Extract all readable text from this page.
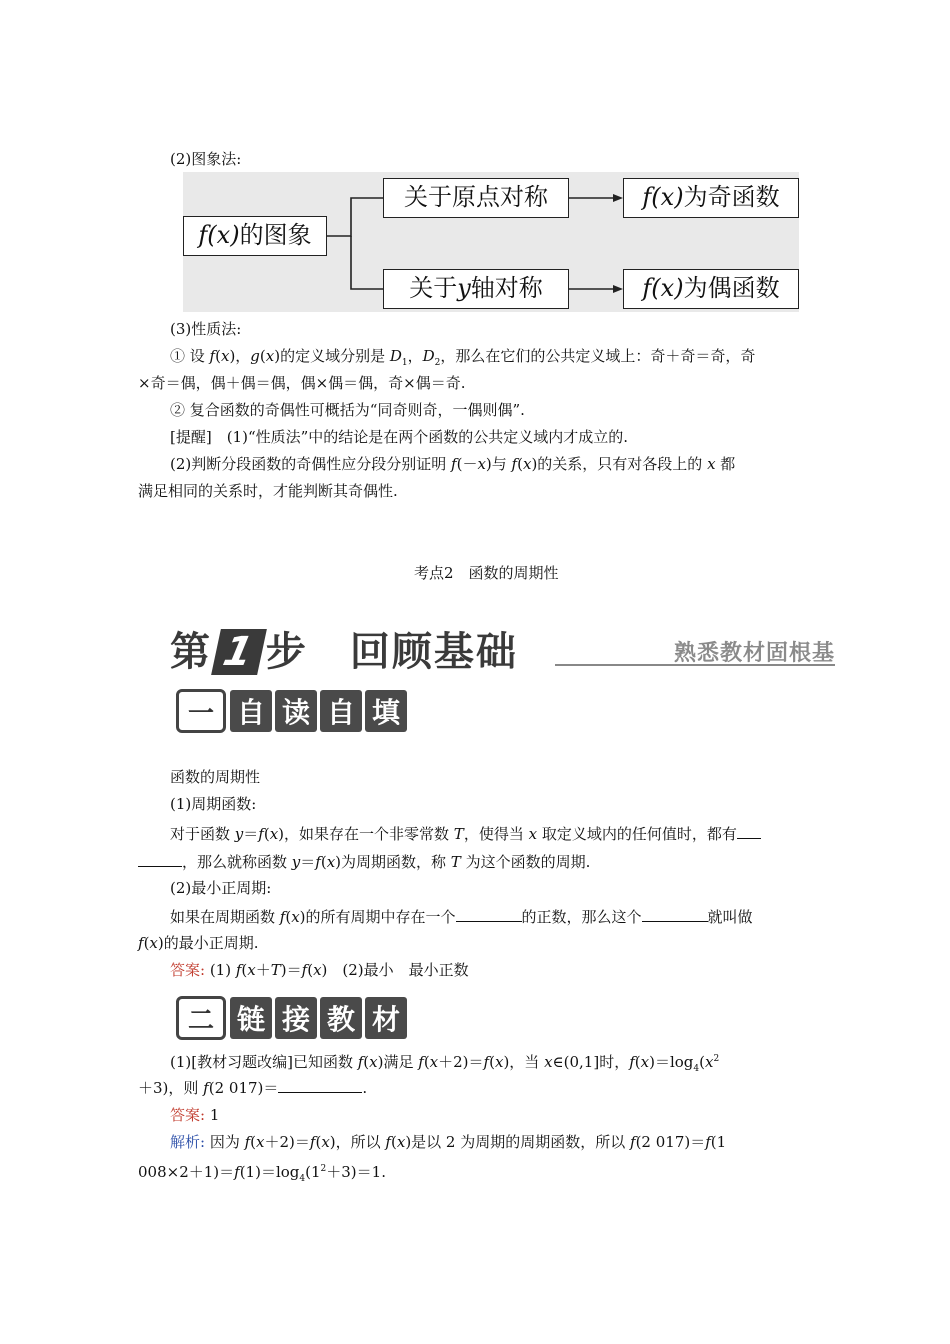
(2)图象法:
f(x)的图象
关于原点对称	f(x)为奇函数
关于y轴对称	f(x)为偶函数
(3)性质法:
① 设 f(x)，g(x)的定义域分别是 $D_1$，$D_2$，那么在它们的公共定义域上：奇＋奇＝奇，奇
×奇＝偶，偶＋偶＝偶，偶×偶＝偶，奇×偶＝奇.
② 复合函数的奇偶性可概括为“同奇则奇，一偶则偶”.
[提醒]　(1)“性质法”中的结论是在两个函数的公共定义域内才成立的.
(2)判断分段函数的奇偶性应分段分别证明 f(－x)与 f(x)的关系，只有对各段上的 x 都
满足相同的关系时，才能判断其奇偶性.
考点2　函数的周期性
第 1 步　回顾基础	熟悉教材固根基
一 自 读 自 填
函数的周期性
(1)周期函数:
对于函数 y＝f(x)，如果存在一个非零常数 T，使得当 x 取定义域内的任何值时，都有
，那么就称函数 y＝f(x)为周期函数，称 T 为这个函数的周期.
(2)最小正周期:
如果在周期函数 f(x)的所有周期中存在一个	的正数，那么这个	就叫做
f(x)的最小正周期.
答案: (1) f(x＋T)＝f(x)　(2)最小　最小正数
二 链 接 教 材
(1)[教材习题改编]已知函数 f(x)满足 f(x＋2)＝f(x)，当 x∈(0,1]时，$f(x)=\log_4(x^2$
＋3)，则 f(2 017)＝	.
答案: 1
解析: 因为 f(x＋2)＝f(x)，所以 f(x)是以 2 为周期的周期函数，所以 f(2 017)＝f(1
$008\times 2+1)=f(1)=\log_4(1^2+3)=1$.
